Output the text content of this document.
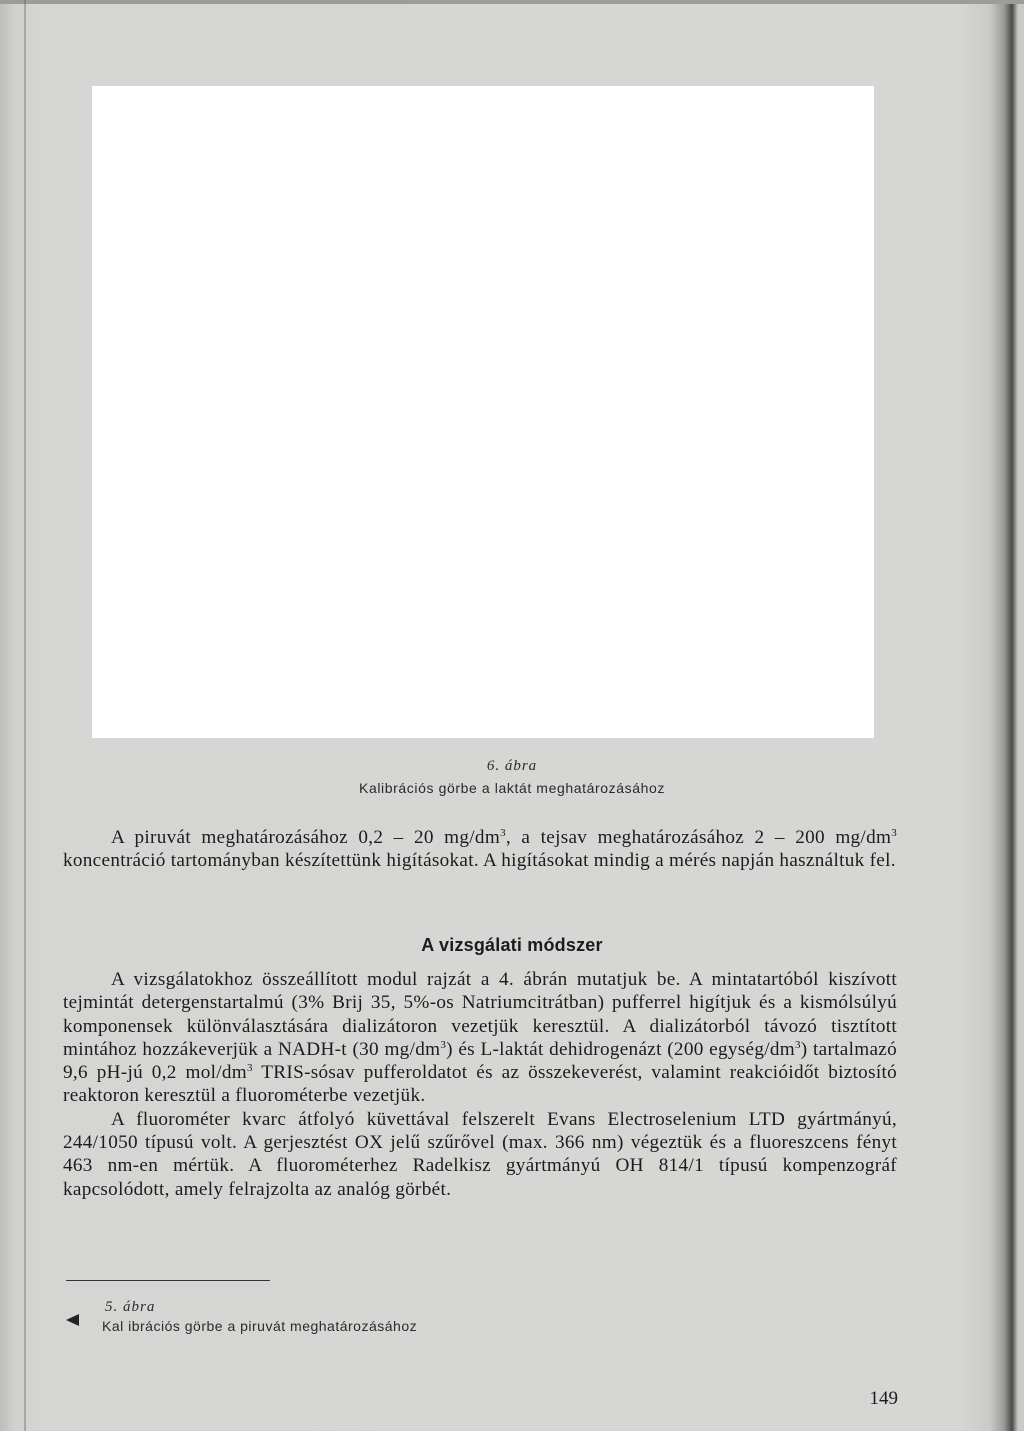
6. ábra
Kalibrációs görbe a laktát meghatározásához

A piruvát meghatározásához 0,2 – 20 $mg/dm^3$, a tejsav meghatározásához 2 – 200 $mg/dm^3$ koncentráció tartományban készítettünk higításokat. A higításokat mindig a mérés napján használtuk fel.

A vizsgálati módszer

A vizsgálatokhoz összeállított modul rajzát a 4. ábrán mutatjuk be. A mintatartóból kiszívott tejmintát detergenstartalmú (3% Brij 35, 5%-os Natriumcitrátban) pufferrel higítjuk és a kismólsúlyú komponensek különválasztására dializátoron vezetjük keresztül. A dializátorból távozó tisztított mintához hozzákeverjük a NADH-t (30 $mg/dm^3$) és L-laktát dehidrogenázt (200 egység/$dm^3$) tartalmazó 9,6 pH-jú 0,2 mol/$dm^3$ TRIS-sósav pufferoldatot és az összekeverést, valamint reakcióidőt biztosító reaktoron keresztül a fluorométerbe vezetjük.

A fluorométer kvarc átfolyó küvettával felszerelt Evans Electroselenium LTD gyártmányú, 244/1050 típusú volt. A gerjesztést OX jelű szűrővel (max. 366 nm) végeztük és a fluoreszcens fényt 463 nm-en mértük. A fluorométerhez Radelkisz gyártmányú OH 814/1 típusú kompenzográf kapcsolódott, amely felrajzolta az analóg görbét.

5. ábra
Kal ibrációs görbe a piruvát meghatározásához
149
